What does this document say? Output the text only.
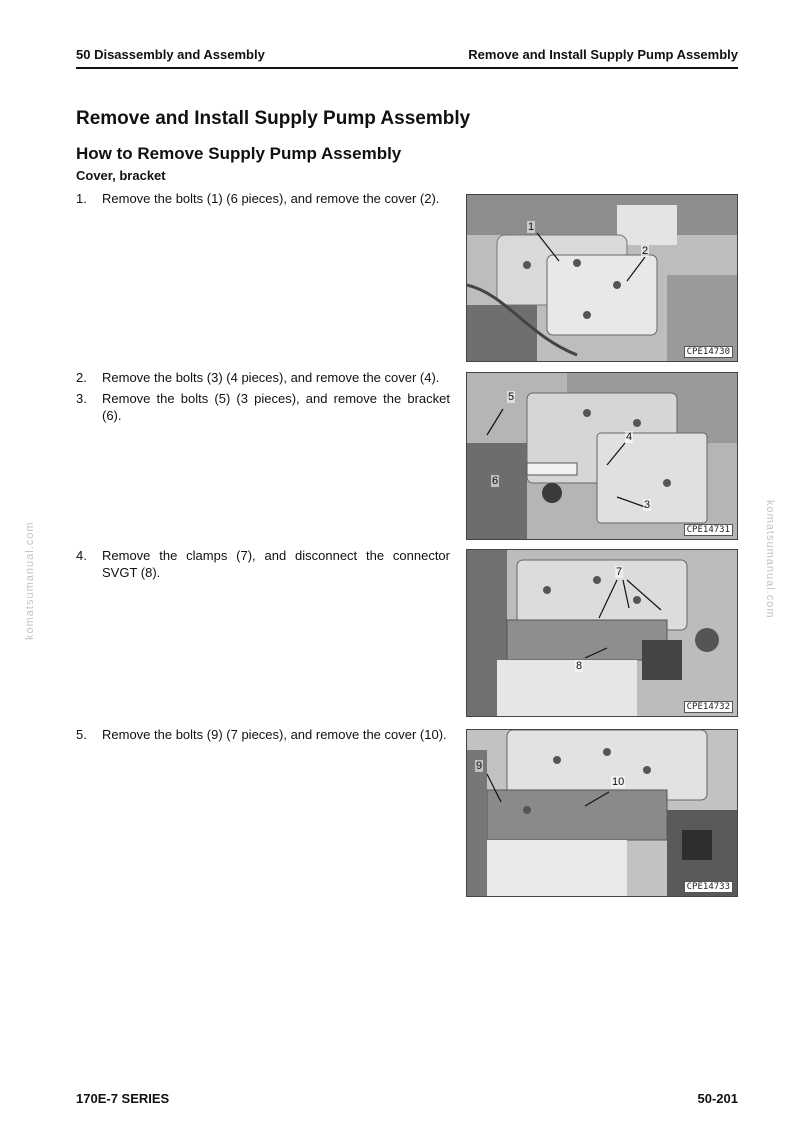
50 Disassembly and Assembly	Remove and Install Supply Pump Assembly
Remove and Install Supply Pump Assembly
How to Remove Supply Pump Assembly
Cover, bracket
1.	Remove the bolts (1) (6 pieces), and remove the cover (2).
2.	Remove the bolts (3) (4 pieces), and remove the cover (4).
3.	Remove the bolts (5) (3 pieces), and remove the bracket (6).
4.	Remove the clamps (7), and disconnect the connector SVGT (8).
5.	Remove the bolts (9) (7 pieces), and remove the cover (10).
1
2
CPE14730
5
4
6
3
CPE14731
7
8
CPE14732
9
10
CPE14733
komatsumanual.com	komatsumanual.com
170E-7 SERIES	50-201
